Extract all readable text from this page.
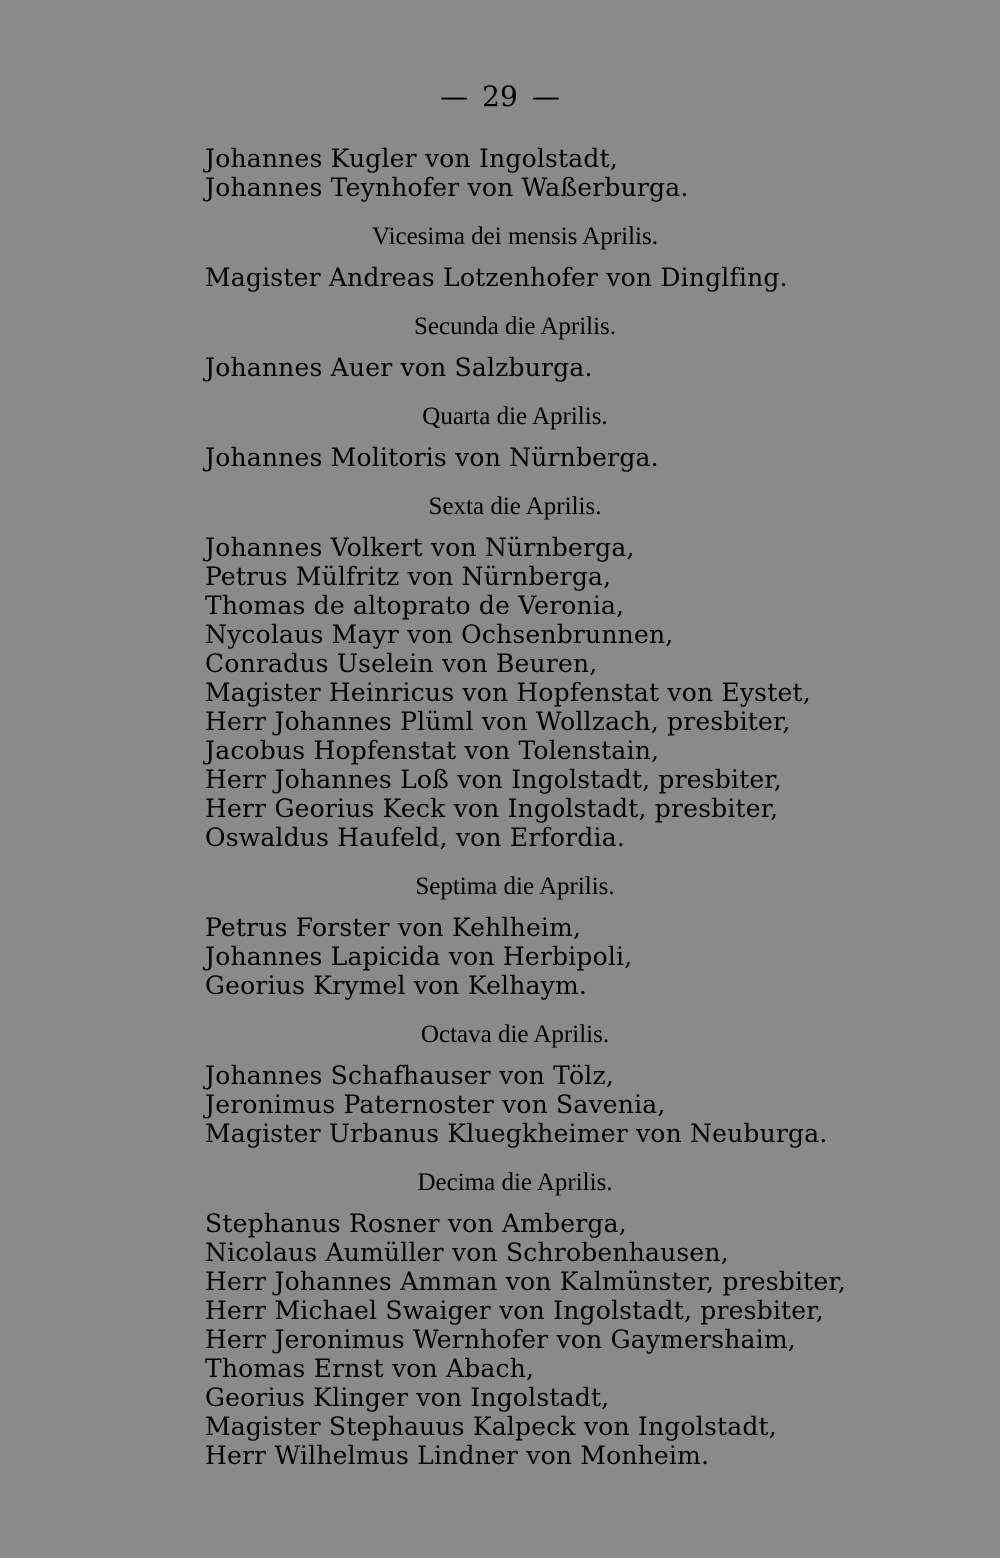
— 29 —
Johannes Kugler von Ingolstadt,
Johannes Teynhofer von Waßerburga.
Vicesima dei mensis Aprilis.
Magister Andreas Lotzenhofer von Dinglfing.
Secunda die Aprilis.
Johannes Auer von Salzburga.
Quarta die Aprilis.
Johannes Molitoris von Nürnberga.
Sexta die Aprilis.
Johannes Volkert von Nürnberga,
Petrus Mülfritz von Nürnberga,
Thomas de altoprato de Veronia,
Nycolaus Mayr von Ochsenbrunnen,
Conradus Uselein von Beuren,
Magister Heinricus von Hopfenstat von Eystet,
Herr Johannes Plüml von Wollzach, presbiter,
Jacobus Hopfenstat von Tolenstain,
Herr Johannes Loß von Ingolstadt, presbiter,
Herr Georius Keck von Ingolstadt, presbiter,
Oswaldus Haufeld, von Erfordia.
Septima die Aprilis.
Petrus Forster von Kehlheim,
Johannes Lapicida von Herbipoli,
Georius Krymel von Kelhaym.
Octava die Aprilis.
Johannes Schafhauser von Tölz,
Jeronimus Paternoster von Savenia,
Magister Urbanus Kluegkheimer von Neuburga.
Decima die Aprilis.
Stephanus Rosner von Amberga,
Nicolaus Aumüller von Schrobenhausen,
Herr Johannes Amman von Kalmünster, presbiter,
Herr Michael Swaiger von Ingolstadt, presbiter,
Herr Jeronimus Wernhofer von Gaymershaim,
Thomas Ernst von Abach,
Georius Klinger von Ingolstadt,
Magister Stephauus Kalpeck von Ingolstadt,
Herr Wilhelmus Lindner von Monheim.
